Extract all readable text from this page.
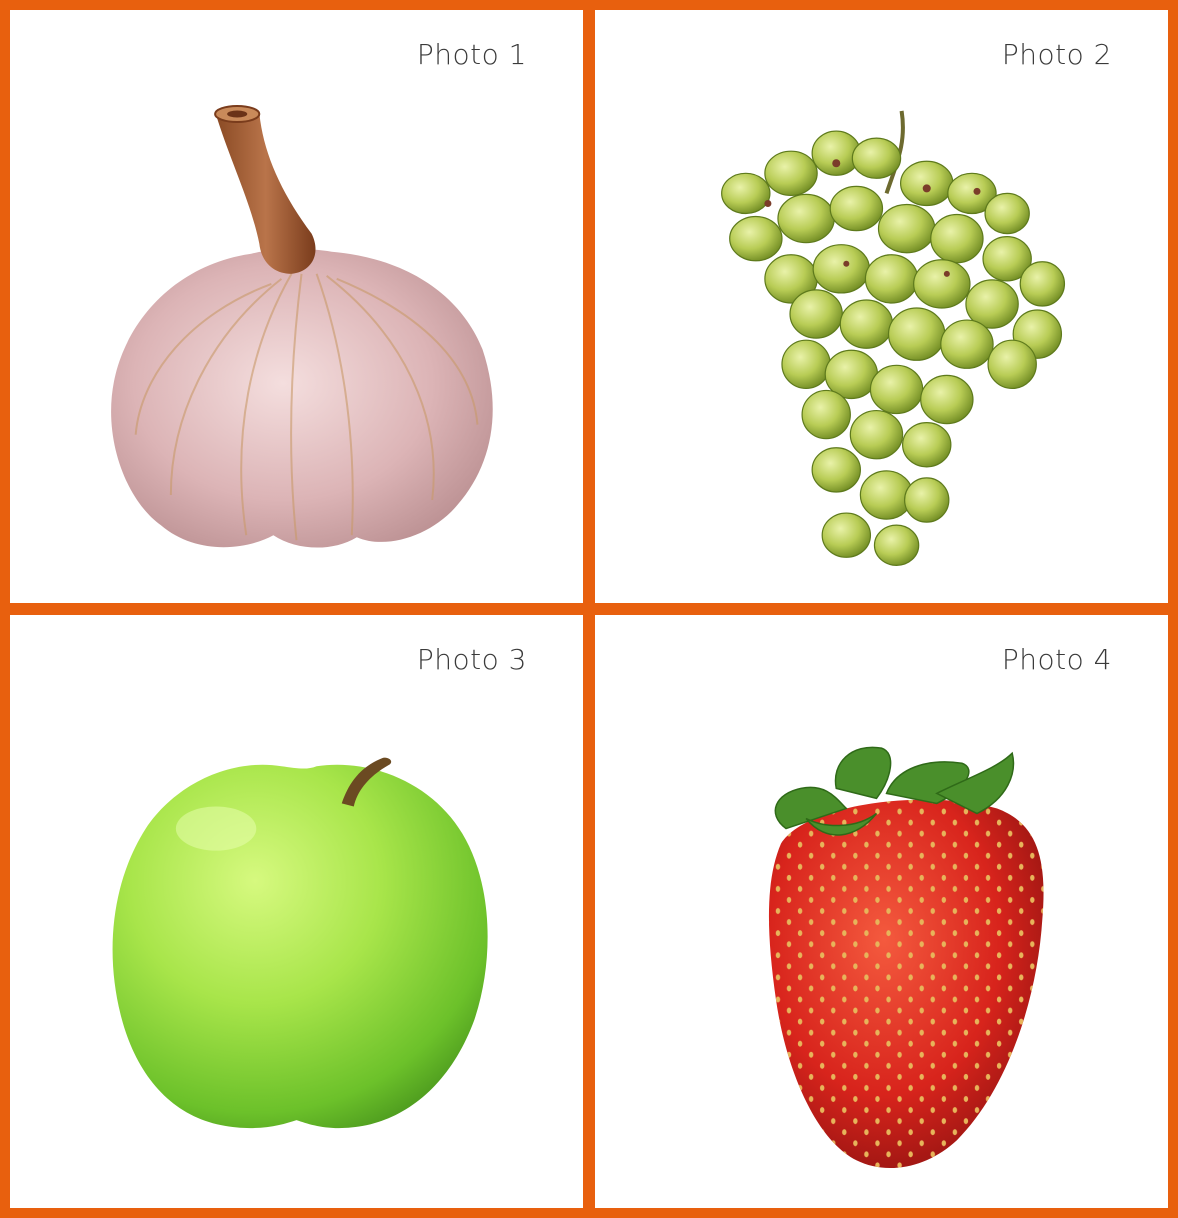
Photo 1	Photo 2
Photo 3	Photo 4
